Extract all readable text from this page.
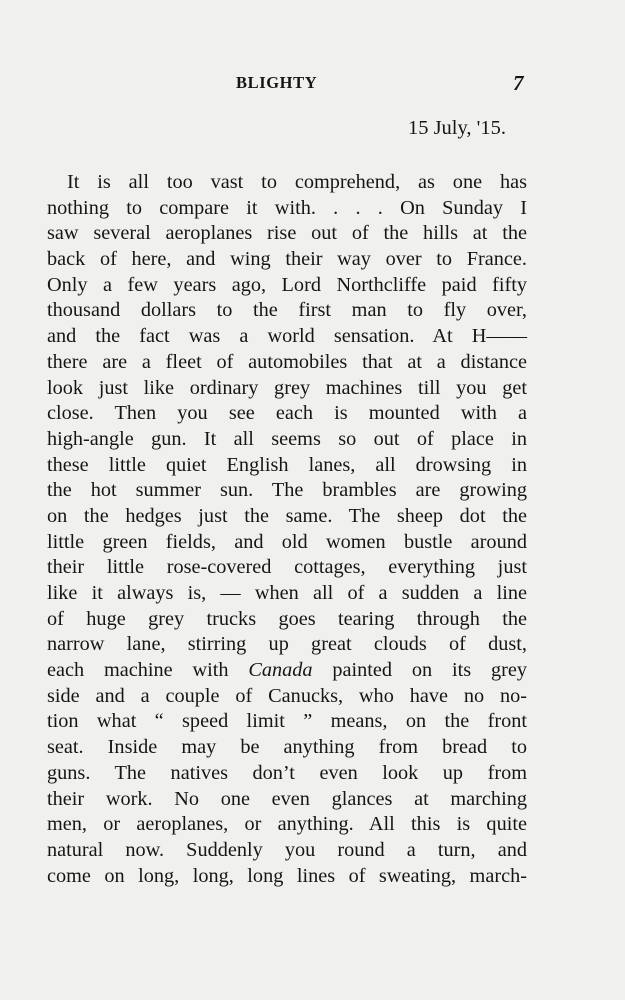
BLIGHTY	7
15 July, '15.
It is all too vast to comprehend, as one has
nothing to compare it with. . . . On Sunday I
saw several aeroplanes rise out of the hills at the
back of here, and wing their way over to France.
Only a few years ago, Lord Northcliffe paid fifty
thousand dollars to the first man to fly over,
and the fact was a world sensation. At H——
there are a fleet of automobiles that at a distance
look just like ordinary grey machines till you get
close. Then you see each is mounted with a
high-angle gun. It all seems so out of place in
these little quiet English lanes, all drowsing in
the hot summer sun. The brambles are growing
on the hedges just the same. The sheep dot the
little green fields, and old women bustle around
their little rose-covered cottages, everything just
like it always is, — when all of a sudden a line
of huge grey trucks goes tearing through the
narrow lane, stirring up great clouds of dust,
each machine with Canada painted on its grey
side and a couple of Canucks, who have no no-
tion what “ speed limit ” means, on the front
seat. Inside may be anything from bread to
guns. The natives don’t even look up from
their work. No one even glances at marching
men, or aeroplanes, or anything. All this is quite
natural now. Suddenly you round a turn, and
come on long, long, long lines of sweating, march-
